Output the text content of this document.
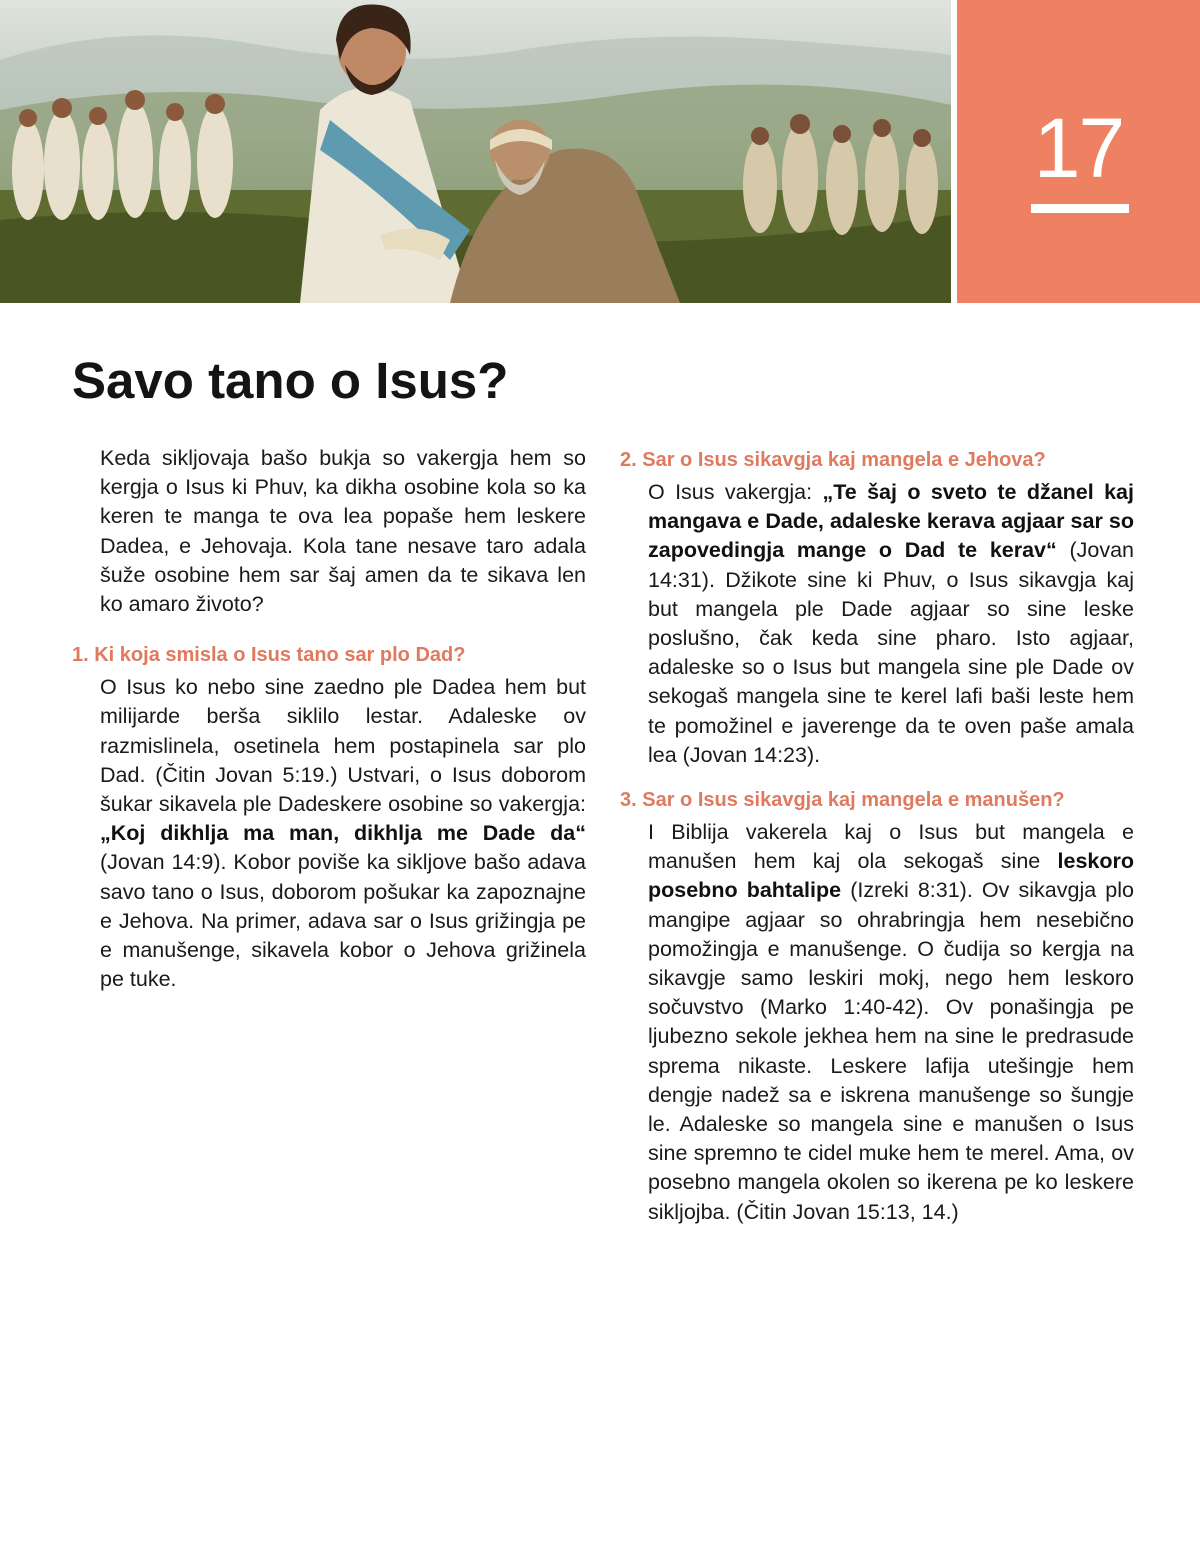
17
Savo tano o Isus?

Keda sikljovaja bašo bukja so vakergja hem so kergja o Isus ki Phuv, ka dikha osobine kola so ka keren te manga te ova lea popaše hem leskere Dadea, e Jehovaja. Kola tane nesave taro adala šuže osobine hem sar šaj amen da te sikava len ko amaro životo?

1. Ki koja smisla o Isus tano sar plo Dad?

O Isus ko nebo sine zaedno ple Dadea hem but milijarde berša siklilo lestar. Adaleske ov razmislinela, osetinela hem postapinela sar plo Dad. (Čitin Jovan 5:19.) Ustvari, o Isus doborom šukar sikavela ple Dadeskere osobine so vakergja: „Koj dikhlja ma man, dikhlja me Dade da“ (Jovan 14:9). Kobor poviše ka sikljove bašo adava savo tano o Isus, doborom pošukar ka zapoznajne e Jehova. Na primer, adava sar o Isus grižingja pe e manušenge, sikavela kobor o Jehova grižinela pe tuke.

2. Sar o Isus sikavgja kaj mangela e Jehova?

O Isus vakergja: „Te šaj o sveto te džanel kaj mangava e Dade, adaleske kerava agjaar sar so zapovedingja mange o Dad te kerav“ (Jovan 14:31). Džikote sine ki Phuv, o Isus sikavgja kaj but mangela ple Dade agjaar so sine leske poslušno, čak keda sine pharo. Isto agjaar, adaleske so o Isus but mangela sine ple Dade ov sekogaš mangela sine te kerel lafi baši leste hem te pomožinel e javerenge da te oven paše amala lea (Jovan 14:23).

3. Sar o Isus sikavgja kaj mangela e manušen?

I Biblija vakerela kaj o Isus but mangela e manušen hem kaj ola sekogaš sine leskoro posebno bahtalipe (Izreki 8:31). Ov sikavgja plo mangipe agjaar so ohrabringja hem nesebično pomožingja e manušenge. O čudija so kergja na sikavgje samo leskiri mokj, nego hem leskoro sočuvstvo (Marko 1:40-42). Ov ponašingja pe ljubezno sekole jekhea hem na sine le predrasude sprema nikaste. Leskere lafija utešingje hem dengje nadež sa e iskrena manušenge so šungje le. Adaleske so mangela sine e manušen o Isus sine spremno te cidel muke hem te merel. Ama, ov posebno mangela okolen so ikerena pe ko leskere sikljojba. (Čitin Jovan 15:13, 14.)
